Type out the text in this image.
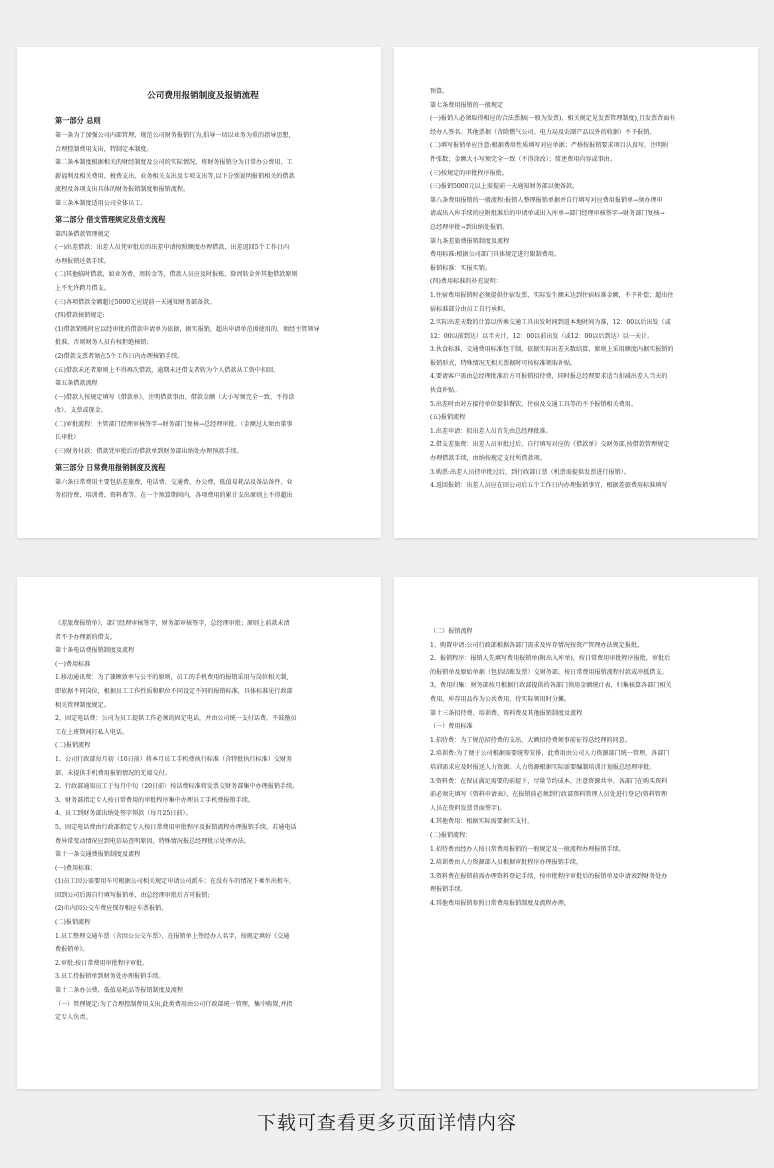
公司费用报销制度及报销流程
第一部分 总则
第一条为了加强公司内部管理，规范公司财务报销行为,倡导一切以业务为重的指导思想,
合理控制费用支出，特制定本制度。
第二条本制度根据相关的财经制度及公司的实际情况，将财务报销分为日常办公费用、工
薪福利及相关费用、税费支出、业务相关支出及专项支出等,以下分别说明报销相关的借款
流程及各项支出具体的财务报销制度和报销流程。
第三条本制度适用公司全体员工。
第二部分 借支管理规定及借支流程
第四条借款管理规定
(一)出差借款：出差人员凭审批后的出差申请按照额度办理借款，出差返回5个工作日内
办理报销还款手续。
(二)其他临时借款，如业务费、周转金等，借款人员应及时报账，除周转金外其他借款原则
上不允许跨月借支。
(三)各项借款金额超过5000元应提前一天通知财务部备款。
(四)借款核销规定:
(1)借款销账时应以经审批的借款申请单为依据，据实报销，超出申请单范围使用的，须经主管领导
批准，否则财务人员有权拒绝核销；
(2)借款支票者须在5个工作日内办理核销手续。
(五)借款未还者原则上不得再次借款，逾期未还借支者转为个人借款从工资中扣回。
第五条借款流程
(一)借款人按规定填写《借款单》，注明借款事由、借款金额（大小写须完全一致，不得涂
改）、支票或现金。
(二)审批流程：主管部门经理审核签字→财务部门复核→总经理审批。（金额过大须由董事
长审批）
(三)财务付款：借款凭审批后的借款单到财务部出纳处办理预款手续。
第三部分 日常费用报销制度及流程
第六条日常费用主要包括差旅费、电话费、交通费、办公费、低值易耗品及备品备件、业
务招待费、培训费、资料费等。在一个预算期间内，各项费用的累计支出原则上不得超出
预算。
第七条费用报销的一般规定
(一)报销人必须取得相应的合法票据(一般为发票)，相关规定见发票管理制度),且发票背面有
经办人签名。其他票据（含除燃气公司、电力局及农副产品以外的收据）不予报销。
(二)填写报销单应注意:根据费用性质填写对应单据；严格按报销要求项目认真写，注明附
件张数；金额大小写须完全一致（不得涂改）；简述费用内容或事由。
(三)按规定的审批程序报批。
(三)报销5000元以上需提前一天通知财务部以便备款。
第八条费用报销的一般流程:报销人整理报销单据并自行填写对应费用报销单→须办理申
请或出入库手续的应附批准后的申请单或出入库单→部门经理审核签字→财务部门复核→
总经理审批→到出纳处报销。
第九条差旅费报销制度及流程
费用标准:根据公司部门具体规定进行限制费用。
报销标准：实报实销。
(四)费用标准的补充说明：
1.住宿费用报销时必须提供住宿发票，实际发生额未达到住宿标准金额，不予补偿；超出住
宿标准部分由员工自行承担。
2.实际出差天数的计算以所乘交通工具出发时间到返本地时间为准，12：00以后出发（或
12：00以前到达）以半天计，12：00以前出发（或12：00以后到达）以一天计。
3.伙食标准、交通费用标准包干制，依据实际出差天数结算，原则上采用额度内据实报销的
报销形式，特殊情况无相关票据时可按标准领取补贴。
4.要请客户需由总经理批准后方可报销招待费，同时报总经理要求适当扣减出差人当天的
伙食补贴。
5.出差时由对方接待单位提供餐饮、住宿及交通工具等的不予报销相关费用。
(五)报销流程
1.出差申请：拟出差人员首先由总经理批准。
2.借支差旅费：出差人员审批过后，自行填写对应的《借款单》交财务部,按借款管理规定
办理借款手续，由纳按规定支付所借款项。
3.购票:出差人员持审批过后，到行政部订票（机票需提供发票进行报销）。
4.返回报销：出差人员应在回公司后五个工作日内办理报销事宜，根据差旅费用标准填写
《差旅费报销单》，部门经理审核签字，财务部审核签字，总经理审批；原则上前款未清
者不予办理新的借支。
第十条电话费报销制度及流程
(一)费用标准
1.移动通讯费：为了兼顾效率与公平的原则，员工的手机费用的报销采用与岗位相关制,
即依据不同岗位，根据员工工作性质和职位不同设定不同的报销标准，具体标准见行政部
相关管理制度规定。
2、固定电话费：公司为员工提供工作必须的固定电话，并由公司统一支付话费。不鼓励员
工在上班期间打私人电话。
(二)报销流程
1、公司行政部每月初（10日前）将本月员工手机费执行标准（含特批执行标准）交财务
部，未提供手机费用报销情况的无端交付。
2、行政部通知员工于每月中旬（20日前）按话费标准将发票交财务部集中办理报销手续。
3、财务部指定专人按日常费用的审批程序集中办理员工手机费报销手续。
4、员工到财务部出纳处签字领款（每月25日前）。
5、固定电话费由行政部指定专人按日常费用审批程序及报销流程办理报销手续，若通电话
费异常变动情况应到电信局查明原因，特殊情况报总经理批示处理办法。
第十一条交通费报销制度及流程
(一)费用标准：
(1)员工因公需要用车可根据公司相关规定申请公司派车；在没有车的情况下乘坐出租车,
回到公司后需自行填写报销单，由总经理审批后方可报销;
(2)市内因公交车费应保存相应车票报销。
(二)报销流程
1.员工整理交通车票（含因公公交车票），在报销单上签经办人名字，按规定填好《交通
费报销单》。
2.审批:按日常费用审批程序审批。
3.员工持报销单到财务处办理报销手续。
第十二条办公费、低值易耗品等报销制度及流程
（一）管理规定:为了合理控制费用支出,此类费用由公司行政部统一管理，集中购置,并指
定专人负责。
（二）报销流程
1、购置申请:公司行政部根据各部门需求及库存情况按资产管理办法规定报批。
2、报销程序：报销人先填写费用报销单(附出入库单)，按日常费用审批程序报批，审批后
的报销单及原始单据（包括结账发票）交财务部，按日常费用报销流程付款或冲抵借支。
3、费用归集：财务部按月根据行政部提供的各部门领用金额统计表，归集核算各部门相关
费用，库存用品作为公共费用，待实际领用时分摊。
第十三条招待费、培训费、资料费及其他报销制度及流程
（一）费用标准
1.招待费：为了规范招待费的支出，大额招待费须事前征得总经理的同意。
2.培训费:为了便于公司根据需要统筹安排，此费用由公司人力资源部门统一管理，各部门
培训需求应及时报送人力资源。人力资源根据实际需要编制培训计划报总经理审批。
3.资料费：在保证满足需要的前提下，尽量节约成本，注意资源共享。各部门在购买资料
前必须先填写《资料申请表》，在报销前必须到行政部资料管理人员处进行登记(资料管理
人员在资料发票背面签字)。
4.其他费用：根据实际需要据实支付。
(二)报销流程：
1.招待费由经办人按日常费用报销的一般规定及一般流程办理报销手续。
2.培训费由人力资源部人员根据审批程序办理报销手续。
3.资料费在报销前需办理资料登记手续，按审批程序审批后的报销单及申请表到财务处办
理报销手续。
4.其他费用报销参照日常费用报销制度及流程办理。
下载可查看更多页面详情内容
